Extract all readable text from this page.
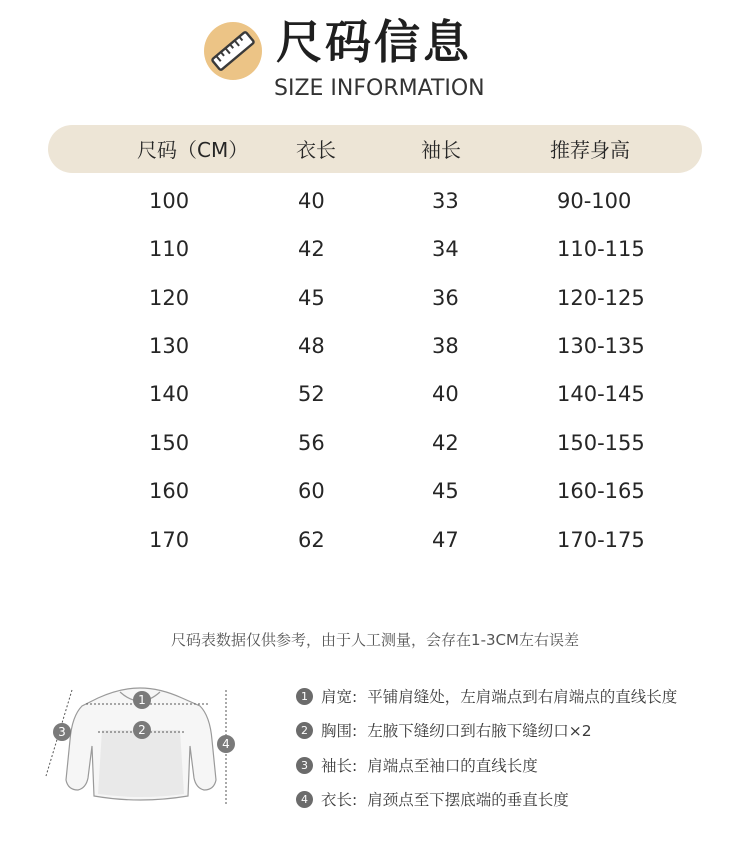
尺码信息
SIZE INFORMATION
尺码（CM） 衣长	袖长	推荐身高
100	40	33	90-100
110	42	34	110-115
120	45	36	120-125
130	48	38	130-135
140	52	40	140-145
150	56	42	150-155
160	60	45	160-165
170	62	47	170-175
尺码表数据仅供参考，由于人工测量，会存在1-3CM左右误差
1
2
3
4
1 肩宽: 平铺肩缝处，左肩端点到右肩端点的直线长度
2 胸围: 左腋下缝纫口到右腋下缝纫口×2
3 袖长: 肩端点至袖口的直线长度
4 衣长: 肩颈点至下摆底端的垂直长度
